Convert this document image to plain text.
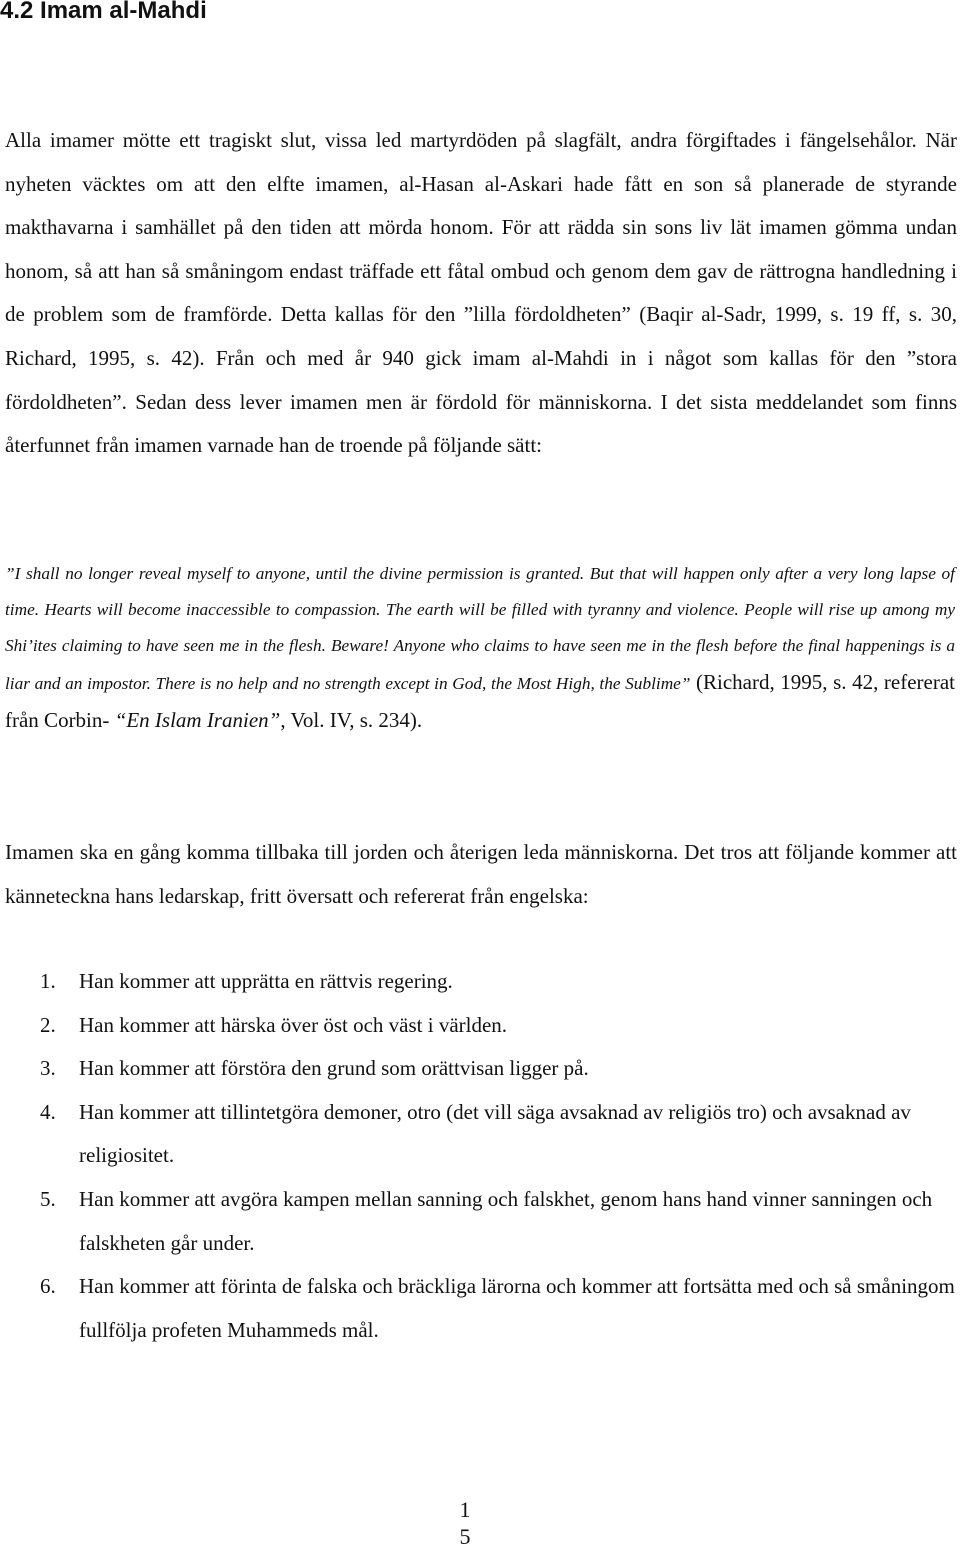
4.2 Imam al-Mahdi

Alla imamer mötte ett tragiskt slut, vissa led martyrdöden på slagfält, andra förgiftades i fängelsehålor. När nyheten väcktes om att den elfte imamen, al-Hasan al-Askari hade fått en son så planerade de styrande makthavarna i samhället på den tiden att mörda honom. För att rädda sin sons liv lät imamen gömma undan honom, så att han så småningom endast träffade ett fåtal ombud och genom dem gav de rättrogna handledning i de problem som de framförde. Detta kallas för den ”lilla fördoldheten” (Baqir al-Sadr, 1999, s. 19 ff, s. 30, Richard, 1995, s. 42). Från och med år 940 gick imam al-Mahdi in i något som kallas för den ”stora fördoldheten”. Sedan dess lever imamen men är fördold för människorna. I det sista meddelandet som finns återfunnet från imamen varnade han de troende på följande sätt:

”I shall no longer reveal myself to anyone, until the divine permission is granted. But that will happen only after a very long lapse of time. Hearts will become inaccessible to compassion. The earth will be filled with tyranny and violence. People will rise up among my Shi’ites claiming to have seen me in the flesh. Beware! Anyone who claims to have seen me in the flesh before the final happenings is a liar and an impostor. There is no help and no strength except in God, the Most High, the Sublime” (Richard, 1995, s. 42, refererat från Corbin- “En Islam Iranien”, Vol. IV, s. 234).

Imamen ska en gång komma tillbaka till jorden och återigen leda människorna. Det tros att följande kommer att känneteckna hans ledarskap, fritt översatt och refererat från engelska:

1. Han kommer att upprätta en rättvis regering.
2. Han kommer att härska över öst och väst i världen.
3. Han kommer att förstöra den grund som orättvisan ligger på.
4. Han kommer att tillintetgöra demoner, otro (det vill säga avsaknad av religiös tro) och avsaknad av religiositet.
5. Han kommer att avgöra kampen mellan sanning och falskhet, genom hans hand vinner sanningen och falskheten går under.
6. Han kommer att förinta de falska och bräckliga lärorna och kommer att fortsätta med och så småningom fullfölja profeten Muhammeds mål.
1
5
